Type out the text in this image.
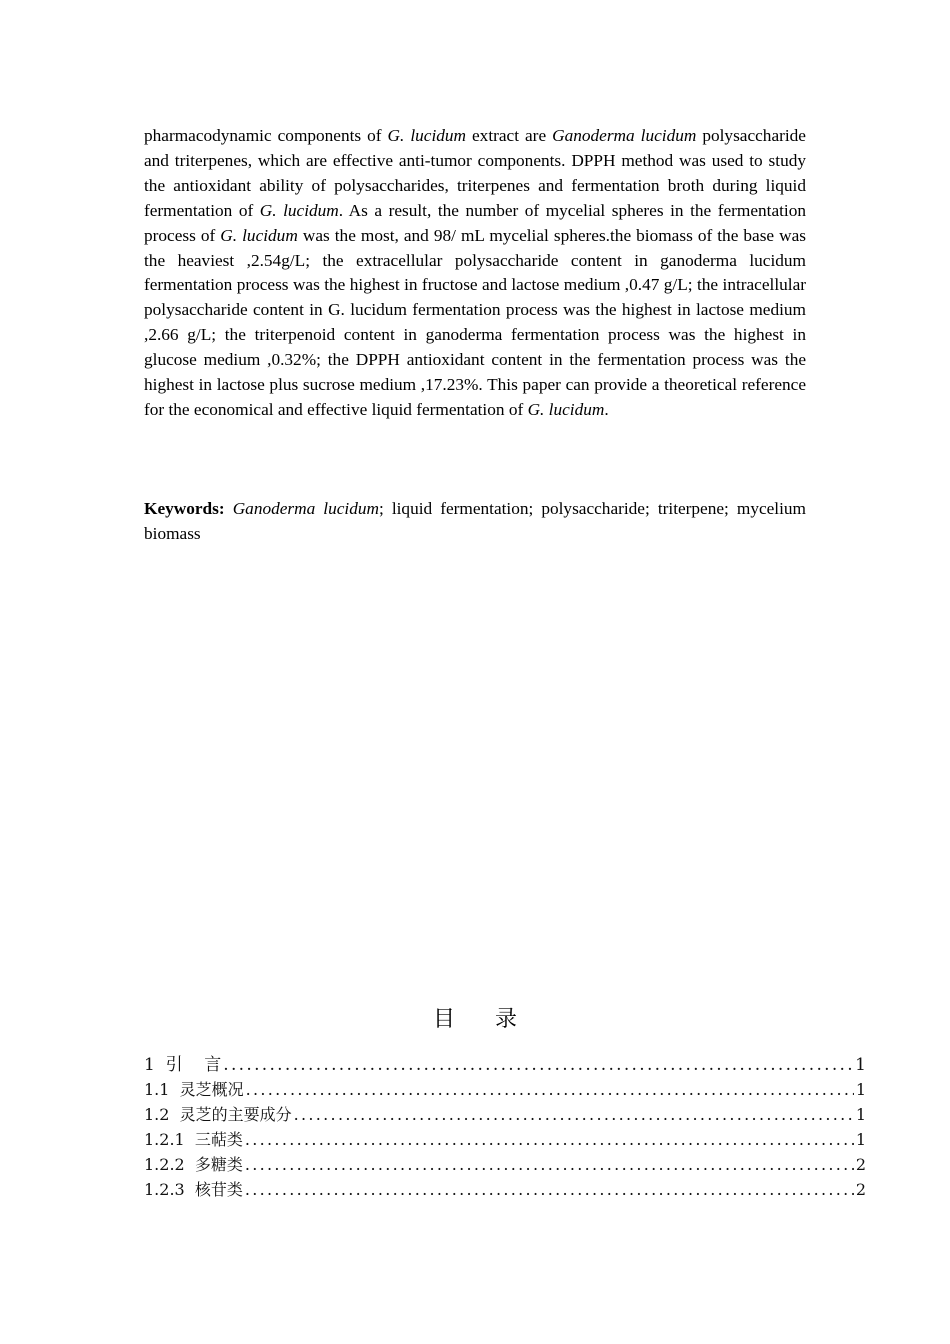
pharmacodynamic components of G. lucidum extract are Ganoderma lucidum polysaccharide and triterpenes, which are effective anti-tumor components. DPPH method was used to study the antioxidant ability of polysaccharides, triterpenes and fermentation broth during liquid fermentation of G. lucidum. As a result, the number of mycelial spheres in the fermentation process of G. lucidum was the most, and 98/ mL mycelial spheres.the biomass of the base was the heaviest ,2.54g/L; the extracellular polysaccharide content in ganoderma lucidum fermentation process was the highest in fructose and lactose medium ,0.47 g/L; the intracellular polysaccharide content in G. lucidum fermentation process was the highest in lactose medium ,2.66 g/L; the triterpenoid content in ganoderma fermentation process was the highest in glucose medium ,0.32%; the DPPH antioxidant content in the fermentation process was the highest in lactose plus sucrose medium ,17.23%. This paper can provide a theoretical reference for the economical and effective liquid fermentation of G. lucidum.

Keywords: Ganoderma lucidum; liquid fermentation; polysaccharide; triterpene; mycelium biomass

目录
1  引    言 .....	1
1.1  灵芝概况 .....	1
1.2  灵芝的主要成分 .....	1
1.2.1  三萜类 .....	1
1.2.2  多糖类 .....	2
1.2.3  核苷类 .....	2
